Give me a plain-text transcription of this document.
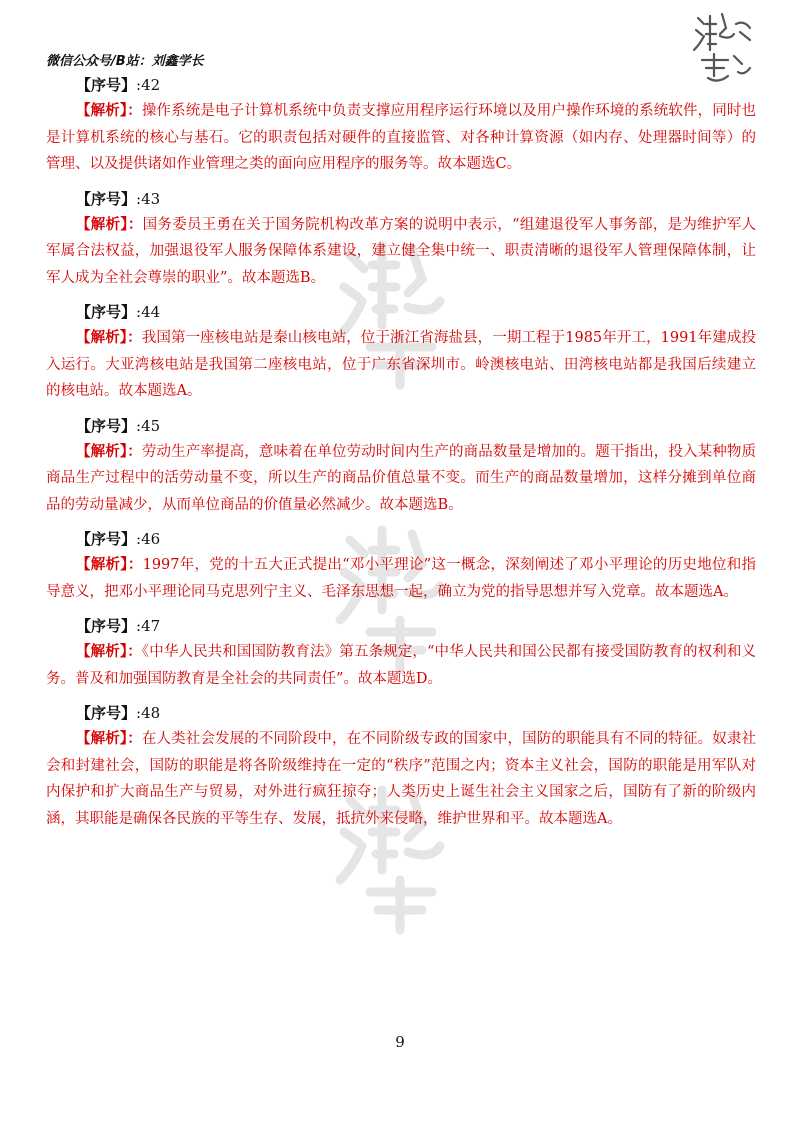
微信公众号/B站：刘鑫学长
【序号】:42

【解析】：操作系统是电子计算机系统中负责支撑应用程序运行环境以及用户操作环境的系统软件，同时也是计算机系统的核心与基石。它的职责包括对硬件的直接监管、对各种计算资源（如内存、处理器时间等）的管理、以及提供诸如作业管理之类的面向应用程序的服务等。故本题选C。

【序号】:43

【解析】：国务委员王勇在关于国务院机构改革方案的说明中表示，“组建退役军人事务部，是为维护军人军属合法权益，加强退役军人服务保障体系建设，建立健全集中统一、职责清晰的退役军人管理保障体制，让军人成为全社会尊崇的职业”。故本题选B。

【序号】:44

【解析】：我国第一座核电站是秦山核电站，位于浙江省海盐县，一期工程于1985年开工，1991年建成投入运行。大亚湾核电站是我国第二座核电站，位于广东省深圳市。岭澳核电站、田湾核电站都是我国后续建立的核电站。故本题选A。

【序号】:45

【解析】：劳动生产率提高，意味着在单位劳动时间内生产的商品数量是增加的。题干指出，投入某种物质商品生产过程中的活劳动量不变，所以生产的商品价值总量不变。而生产的商品数量增加，这样分摊到单位商品的劳动量减少，从而单位商品的价值量必然减少。故本题选B。

【序号】:46

【解析】：1997年，党的十五大正式提出“邓小平理论”这一概念，深刻阐述了邓小平理论的历史地位和指导意义，把邓小平理论同马克思列宁主义、毛泽东思想一起，确立为党的指导思想并写入党章。故本题选A。

【序号】:47

【解析】：《中华人民共和国国防教育法》第五条规定，“中华人民共和国公民都有接受国防教育的权利和义务。普及和加强国防教育是全社会的共同责任”。故本题选D。

【序号】:48

【解析】：在人类社会发展的不同阶段中，在不同阶级专政的国家中，国防的职能具有不同的特征。奴隶社会和封建社会，国防的职能是将各阶级维持在一定的“秩序”范围之内；资本主义社会，国防的职能是用军队对内保护和扩大商品生产与贸易，对外进行疯狂掠夺；人类历史上诞生社会主义国家之后，国防有了新的阶级内涵，其职能是确保各民族的平等生存、发展，抵抗外来侵略，维护世界和平。故本题选A。

9
